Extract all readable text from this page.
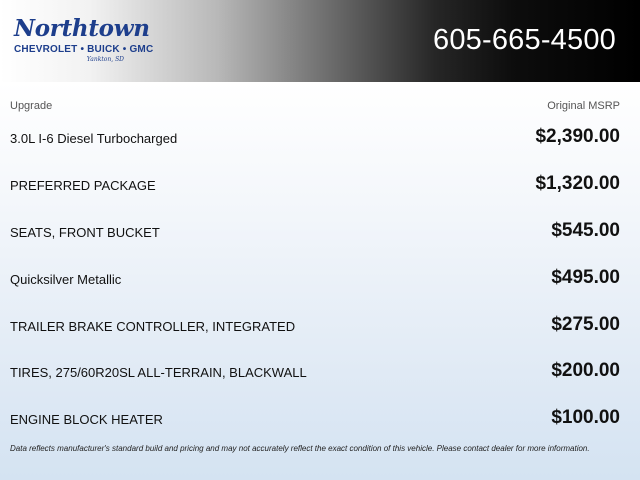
Northtown
CHEVROLET • BUICK • GMC
Yankton, SD
605-665-4500
Upgrade	Original MSRP
3.0L I-6 Diesel Turbocharged	$2,390.00
PREFERRED PACKAGE	$1,320.00
SEATS, FRONT BUCKET	$545.00
Quicksilver Metallic	$495.00
TRAILER BRAKE CONTROLLER, INTEGRATED	$275.00
TIRES, 275/60R20SL ALL-TERRAIN, BLACKWALL	$200.00
ENGINE BLOCK HEATER	$100.00
Data reflects manufacturer's standard build and pricing and may not accurately reflect the exact condition of this vehicle. Please contact dealer for more information.
